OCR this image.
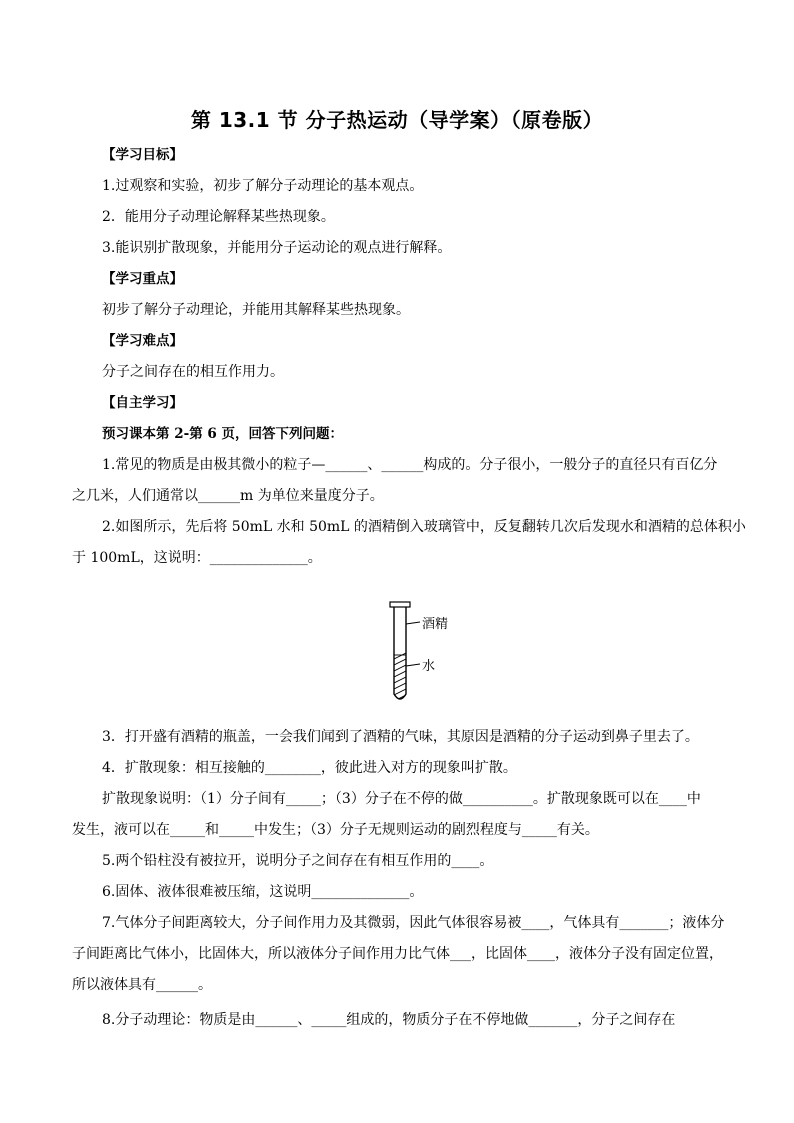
第 13.1 节 分子热运动（导学案）（原卷版）
【学习目标】
1.过观察和实验，初步了解分子动理论的基本观点。
2．能用分子动理论解释某些热现象。
3.能识别扩散现象，并能用分子运动论的观点进行解释。
【学习重点】
初步了解分子动理论，并能用其解释某些热现象。
【学习难点】
分子之间存在的相互作用力。
【自主学习】
预习课本第 2-第 6 页，回答下列问题：
1.常见的物质是由极其微小的粒子—______、______构成的。分子很小，一般分子的直径只有百亿分
之几米，人们通常以______m 为单位来量度分子。
2.如图所示，先后将 50mL 水和 50mL 的酒精倒入玻璃管中，反复翻转几次后发现水和酒精的总体积小
于 100mL，这说明：______________。
酒精
水
3．打开盛有酒精的瓶盖，一会我们闻到了酒精的气味，其原因是酒精的分子运动到鼻子里去了。
4．扩散现象：相互接触的________，彼此进入对方的现象叫扩散。
扩散现象说明：（1）分子间有_____；（3）分子在不停的做__________。扩散现象既可以在____中
发生，液可以在_____和_____中发生；（3）分子无规则运动的剧烈程度与_____有关。
5.两个铅柱没有被拉开，说明分子之间存在有相互作用的____。
6.固体、液体很难被压缩，这说明______________。
7.气体分子间距离较大，分子间作用力及其微弱，因此气体很容易被____，气体具有_______；液体分
子间距离比气体小，比固体大，所以液体分子间作用力比气体___，比固体____，液体分子没有固定位置，
所以液体具有______。
8.分子动理论：物质是由______、_____组成的，物质分子在不停地做_______，分子之间存在
